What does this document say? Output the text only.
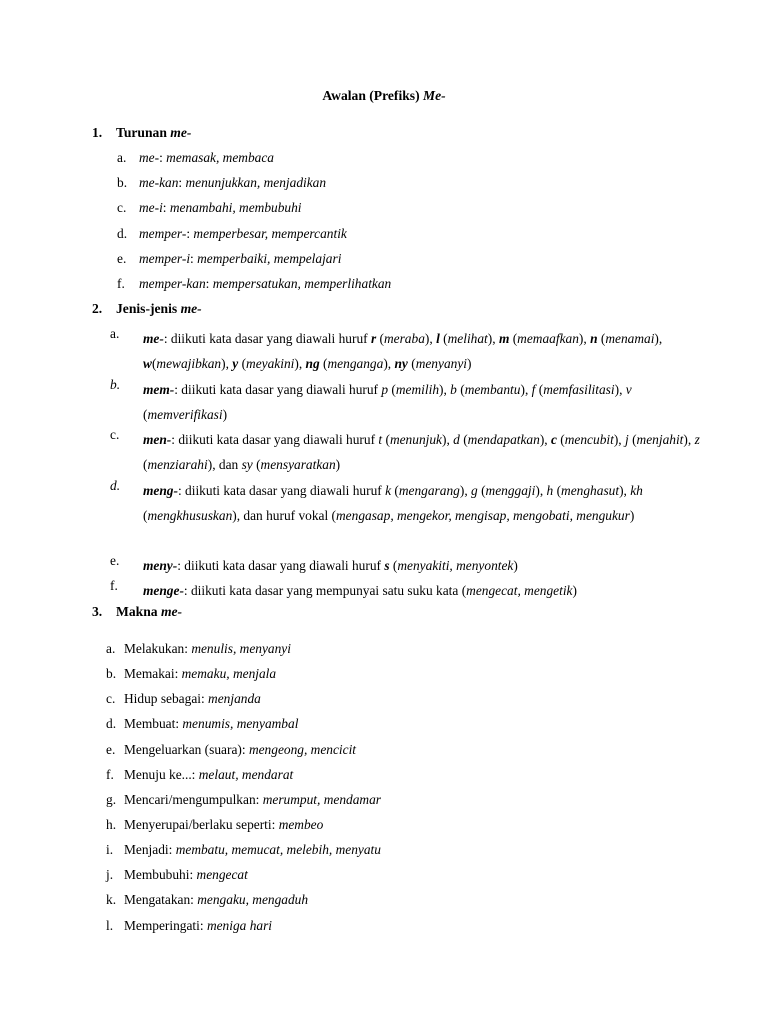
Awalan (Prefiks) Me-
1. Turunan me-
a. me-: memasak, membaca
b. me-kan: menunjukkan, menjadikan
c. me-i: menambahi, membubuhi
d. memper-: memperbesar, mempercantik
e. memper-i: memperbaiki, mempelajari
f. memper-kan: mempersatukan, memperlihatkan
2. Jenis-jenis me-
a. me-: diikuti kata dasar yang diawali huruf r (meraba), l (melihat), m (memaafkan), n (menamai), w(mewajibkan), y (meyakini), ng (menganga), ny (menyanyi)
b. mem-: diikuti kata dasar yang diawali huruf p (memilih), b (membantu), f (memfasilitasi), v (memverifikasi)
c. men-: diikuti kata dasar yang diawali huruf t (menunjuk), d (mendapatkan), c (mencubit), j (menjahit), z (menziarahi), dan sy (mensyaratkan)
d. meng-: diikuti kata dasar yang diawali huruf k (mengarang), g (menggaji), h (menghasut), kh (mengkhususkan), dan huruf vokal (mengasap, mengekor, mengisap, mengobati, mengukur)
e. meny-: diikuti kata dasar yang diawali huruf s (menyakiti, menyontek)
f. menge-: diikuti kata dasar yang mempunyai satu suku kata (mengecat, mengetik)
3. Makna me-
a. Melakukan: menulis, menyanyi
b. Memakai: memaku, menjala
c. Hidup sebagai: menjanda
d. Membuat: menumis, menyambal
e. Mengeluarkan (suara): mengeong, mencicit
f. Menuju ke...: melaut, mendarat
g. Mencari/mengumpulkan: merumput, mendamar
h. Menyerupai/berlaku seperti: membeo
i. Menjadi: membatu, memucat, melebih, menyatu
j. Membubuhi: mengecat
k. Mengatakan: mengaku, mengaduh
l. Memperingati: meniga hari
